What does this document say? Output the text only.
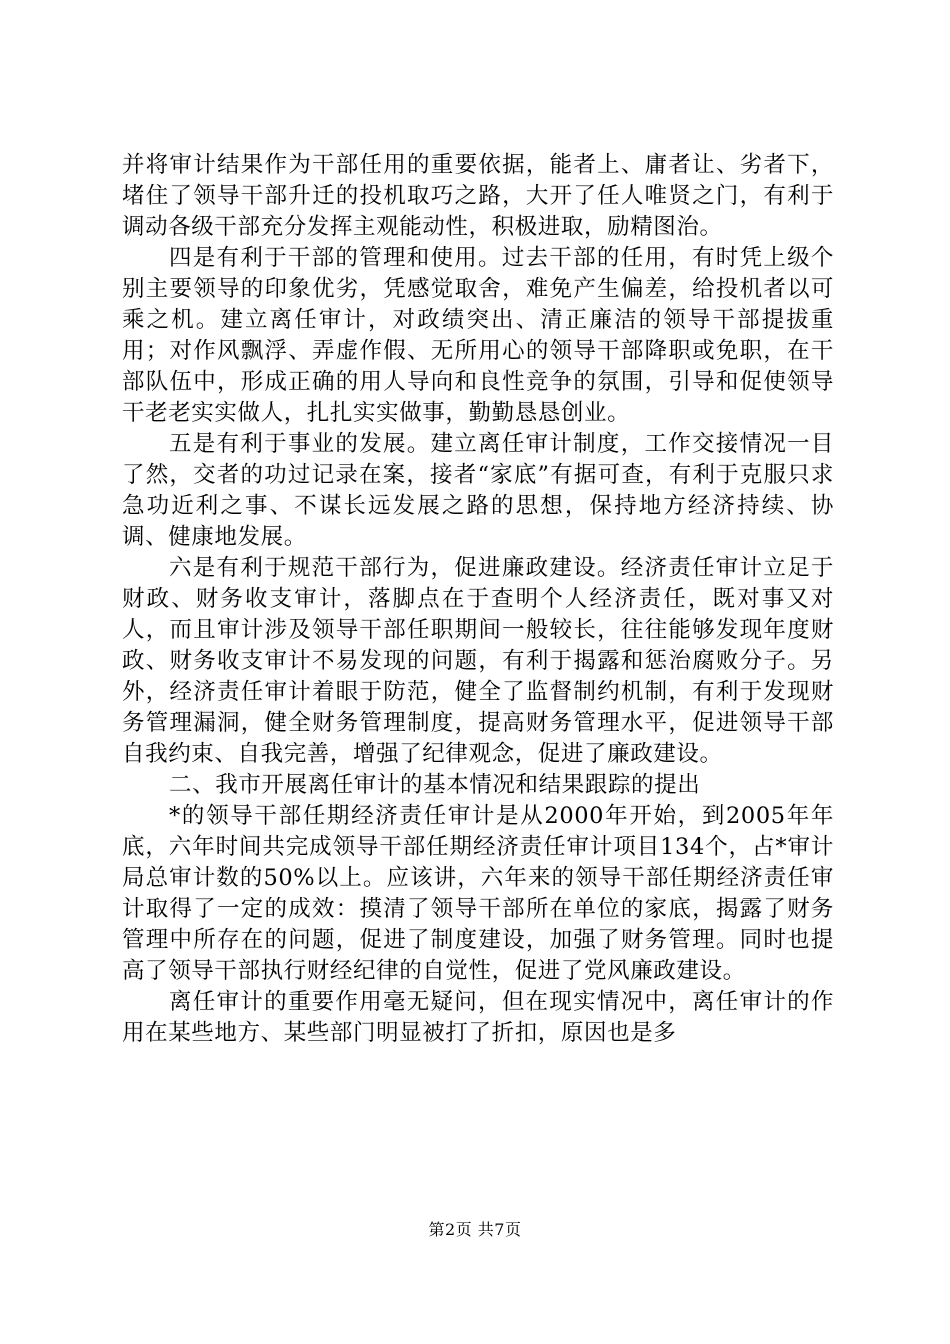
并将审计结果作为干部任用的重要依据，能者上、庸者让、劣者下，堵住了领导干部升迁的投机取巧之路，大开了任人唯贤之门，有利于调动各级干部充分发挥主观能动性，积极进取，励精图治。

四是有利于干部的管理和使用。过去干部的任用，有时凭上级个别主要领导的印象优劣，凭感觉取舍，难免产生偏差，给投机者以可乘之机。建立离任审计，对政绩突出、清正廉洁的领导干部提拔重用；对作风飘浮、弄虚作假、无所用心的领导干部降职或免职，在干部队伍中，形成正确的用人导向和良性竞争的氛围，引导和促使领导干老老实实做人，扎扎实实做事，勤勤恳恳创业。

五是有利于事业的发展。建立离任审计制度，工作交接情况一目了然，交者的功过记录在案，接者“家底”有据可查，有利于克服只求急功近利之事、不谋长远发展之路的思想，保持地方经济持续、协调、健康地发展。

六是有利于规范干部行为，促进廉政建设。经济责任审计立足于财政、财务收支审计，落脚点在于查明个人经济责任，既对事又对人，而且审计涉及领导干部任职期间一般较长，往往能够发现年度财政、财务收支审计不易发现的问题，有利于揭露和惩治腐败分子。另外，经济责任审计着眼于防范，健全了监督制约机制，有利于发现财务管理漏洞，健全财务管理制度，提高财务管理水平，促进领导干部自我约束、自我完善，增强了纪律观念，促进了廉政建设。

二、我市开展离任审计的基本情况和结果跟踪的提出

*的领导干部任期经济责任审计是从2000年开始，到2005年年底，六年时间共完成领导干部任期经济责任审计项目134个，占*审计局总审计数的50%以上。应该讲，六年来的领导干部任期经济责任审计取得了一定的成效：摸清了领导干部所在单位的家底，揭露了财务管理中所存在的问题，促进了制度建设，加强了财务管理。同时也提高了领导干部执行财经纪律的自觉性，促进了党风廉政建设。

离任审计的重要作用毫无疑问，但在现实情况中，离任审计的作用在某些地方、某些部门明显被打了折扣，原因也是多

第2页 共7页
